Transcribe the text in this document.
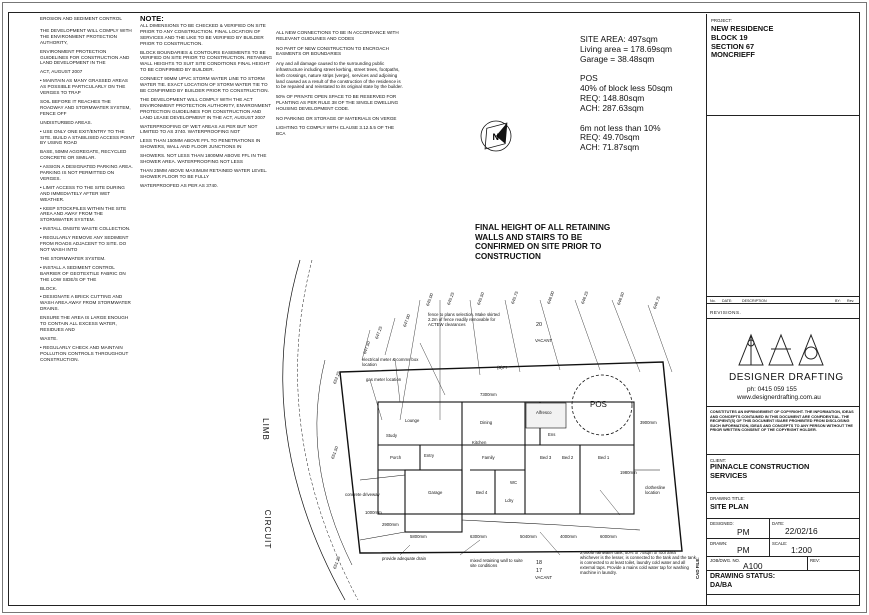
EROSION AND SEDIMENT CONTROL

THE DEVELOPMENT WILL COMPLY WITH THE ENVIRONMENT PROTECTION AUTHORITY,

ENVIRONMENT PROTECTION GUIDELINES FOR CONSTRUCTION AND LAND DEVELOPMENT IN THE

ACT, AUGUST 2007

• MAINTAIN AS MANY GRASSED AREAS AS POSSIBLE PARTICULARLY ON THE VERGES TO TRAP

SOIL BEFORE IT REACHES THE ROADWAY AND STORMWATER SYSTEM, FENCE OFF

UNDISTURBED AREAS.

• USE ONLY ONE EXIT/ENTRY TO THE SITE. BUILD A STABILISED ACCESS POINT BY USING ROAD

BASE, 50MM AGGREGATE, RECYCLED CONCRETE OR SIMILAR.

• ASSIGN A DESIGNATED PARKING AREA. PARKING IS NOT PERMITTED ON VERGES.

• LIMIT ACCESS TO THE SITE DURING AND IMMEDIATELY AFTER WET WEATHER.

• KEEP STOCKPILES WITHIN THE SITE AREA AND AWAY FROM THE STORMWATER SYSTEM.

• INSTALL ONSITE WASTE COLLECTION.

• REGULARLY REMOVE ANY SEDIMENT FROM ROADS ADJACENT TO SITE. DO NOT WASH INTO

THE STORMWATER SYSTEM.

• INSTALL A SEDIMENT CONTROL BARRIER OF GEOTEXTILE FABRIC ON THE LOW SIDE/S OF THE

BLOCK.

• DESIGNATE A BRICK CUTTING AND WASH AREA AWAY FROM STORMWATER DRAINS.

ENSURE THE AREA IS LARGE ENOUGH TO CONTAIN ALL EXCESS WATER, RESIDUES AND

WASTE.

• REGULARLY CHECK AND MAINTAIN POLLUTION CONTROLS THROUGHOUT CONSTRUCTION.

NOTE:

ALL DIMENSIONS TO BE CHECKED & VERIFIED ON SITE PRIOR TO ANY CONSTRUCTION. FINAL LOCATION OF SERVICES AND THE LIKE TO BE VERIFIED BY BUILDER PRIOR TO CONSTRUCTION.

BLOCK BOUNDARIES & CONTOURS EASEMENTS TO BE VERIFIED ON SITE PRIOR TO CONSTRUCTION. RETAINING WALL HEIGHTS TO SUIT SITE CONDITIONS FINAL HEIGHT TO BE CONFIRMED BY BUILDER.

CONNECT 90MM UPVC STORM WATER LINE TO STORM WATER TIE. EXACT LOCATION OF STORM WATER TIE TO BE CONFIRMED BY BUILDER PRIOR TO CONSTRUCTION.

THE DEVELOPMENT WILL COMPLY WITH THE ACT ENVIRONMENT PROTECTION AUTHORITY, ENVIRONMENT PROTECTION GUIDELINES FOR CONSTRUCTION AND LAND LEASE DEVELOPMENT IN THE ACT, AUGUST 2007

WATERPROOFING OF WET AREAS AS PER BUT NOT LIMITED TO AS 3740. WATERPROOFING NOT

LESS THAN 150MM ABOVE FFL TO PENETRATIONS IN SHOWERS, WALL AND FLOOR JUNCTIONS IN

SHOWERS. NOT LESS THAN 1800MM ABOVE FFL IN THE SHOWER AREA. WATERPROOFING NOT LESS

THAN 25MM ABOVE MAXIMUM RETAINED WATER LEVEL. SHOWER FLOOR TO BE FULLY

WATERPROOFED AS PER AS 3740.

ALL NEW CONNECTIONS TO BE IN ACCORDANCE WITH RELEVANT GUIDLINES AND CODES

NO PART OF NEW CONSTRUCTION TO ENCROACH EASMENTS OR BOUNDARIES

Any and all damage caused to the surrounding public infrastructure including street kerbing, street trees, footpaths, kerb crossings, nature strips (verge), services and adjoining land caused as a result of the construction of the residence is to be repaired and reinstated to its original state by the builder.

50% OF PRIVATE OPEN SPACE TO BE RESERVED FOR PLANTING AS PER RULE 38 OF THE SINGLE DWELLING HOUSING DEVELOPMENT CODE.

NO PARKING OR STORAGE OF MATERIALS ON VERGE

LIGHTING TO COMPLY WITH CLAUSE 3.12.5.5 OF THE BCA

SITE AREA: 497sqm
Living area = 178.69sqm
Garage = 38.48sqm
POS
40% of block less 50sqm
REQ: 148.80sqm
ACH: 287.63sqm
6m not less than 10%
REQ: 49.70sqm
ACH: 71.87sqm
N
FINAL HEIGHT OF ALL RETAINING WALLS AND STAIRS TO BE CONFIRMED ON SITE PRIOR TO CONSTRUCTION
LIMB
CIRCUIT
POS
Lounge	Dining
Kitchen
Family
Alfresco
Bed 1
Bed 2
Bed 3
Bed 4
Garage
Porch	Entry
Study	Ens
WC
Ldry
fence to plans selection. Make skirted 2.2m of fence readily removable for ACTEW clearances
electrical meter & comms box location
gas meter location
concrete driveway
provide adequate drain	mixed retaining wall to suite site conditions
2,000ltr rainwater tank, 50% or 75sqm of roof area whichever is the lesser, is connected to the tank and the tank is connected to at least toilet, laundry cold water and all external taps. Provide a mains cold water tap for washing machine in laundry.
clothesline location
VACANT
VACANT
20
18
17
(S)77
645.00	645.25	645.50	645.75	646.00	646.25	646.50	646.75
647.00
647.25
647.50
652.25
651.50
651.25
5800mm
2900mm
1000mm
6300mm	5040mm	4000mm	6000mm
1980mm
3900mm
7300mm
PROJECT:
NEW RESIDENCE
BLOCK 19
SECTION 67
MONCRIEFF
No. DATE:	DESCRIPTION	BY: Rev.
REVISIONS.
DESIGNER DRAFTING
ph: 0415 059 155
www.designerdrafting.com.au
CONSTITUTES AN INFRINGEMENT OF COPYRIGHT. THE INFORMATION, IDEAS AND CONCEPTS CONTAINED IN THIS DOCUMENT ARE CONFIDENTIAL. THE RECIPIENT(S) OF THIS DOCUMENT IS/ARE PROHIBITED FROM DISCLOSING SUCH INFORMATION, IDEAS AND CONCEPTS TO ANY PERSON WITHOUT THE PRIOR WRITTEN CONSENT OF THE COPYRIGHT HOLDER.
CLIENT:
PINNACLE CONSTRUCTION
SERVICES
DRAWING TITLE:
SITE PLAN
DESIGNED:
PM
DATE:
22/02/16
DRAWN:
PM
SCALE:
1:200
JOB/DWG. NO.
A100
REV:
DRAWING STATUS:
DA/BA
CAD FILE:
